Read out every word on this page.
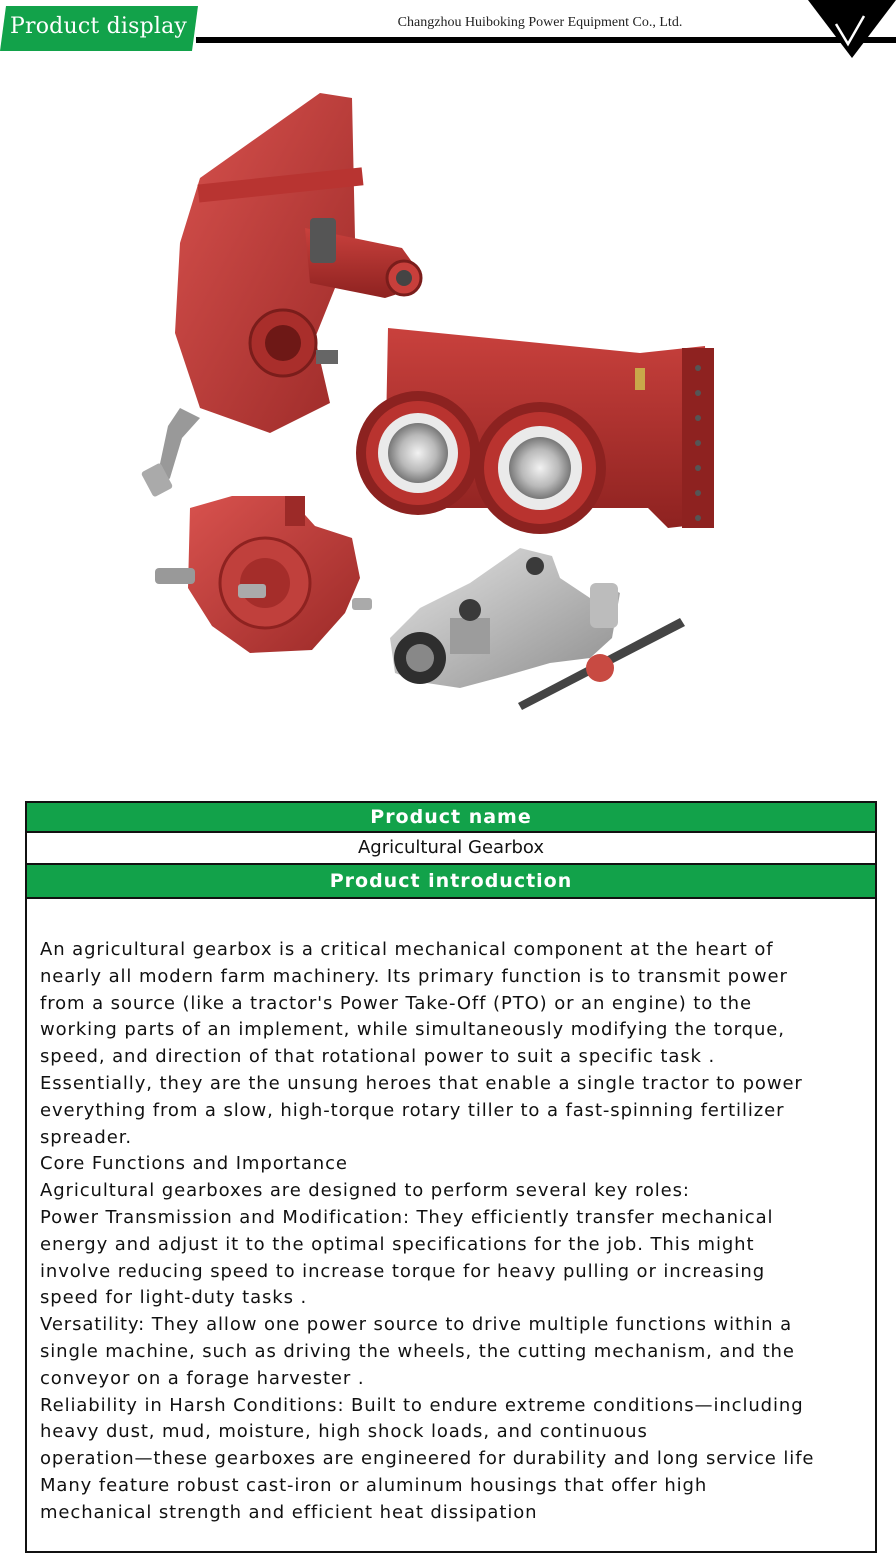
Product display	Changzhou Huiboking Power Equipment Co., Ltd.
Product name
Agricultural Gearbox
Product introduction

An agricultural gearbox is a critical mechanical component at the heart of
nearly all modern farm machinery. Its primary function is to transmit power
from a source (like a tractor's Power Take-Off (PTO) or an engine) to the
working parts of an implement, while simultaneously modifying the torque,
speed, and direction of that rotational power to suit a specific task .

Essentially, they are the unsung heroes that enable a single tractor to power
everything from a slow, high-torque rotary tiller to a fast-spinning fertilizer
spreader.

Core Functions and Importance

Agricultural gearboxes are designed to perform several key roles:

Power Transmission and Modification: They efficiently transfer mechanical
energy and adjust it to the optimal specifications for the job. This might
involve reducing speed to increase torque for heavy pulling or increasing
speed for light-duty tasks .

Versatility: They allow one power source to drive multiple functions within a
single machine, such as driving the wheels, the cutting mechanism, and the
conveyor on a forage harvester .

Reliability in Harsh Conditions: Built to endure extreme conditions—including
heavy dust, mud, moisture, high shock loads, and continuous
operation—these gearboxes are engineered for durability and long service life

Many feature robust cast-iron or aluminum housings that offer high
mechanical strength and efficient heat dissipation
